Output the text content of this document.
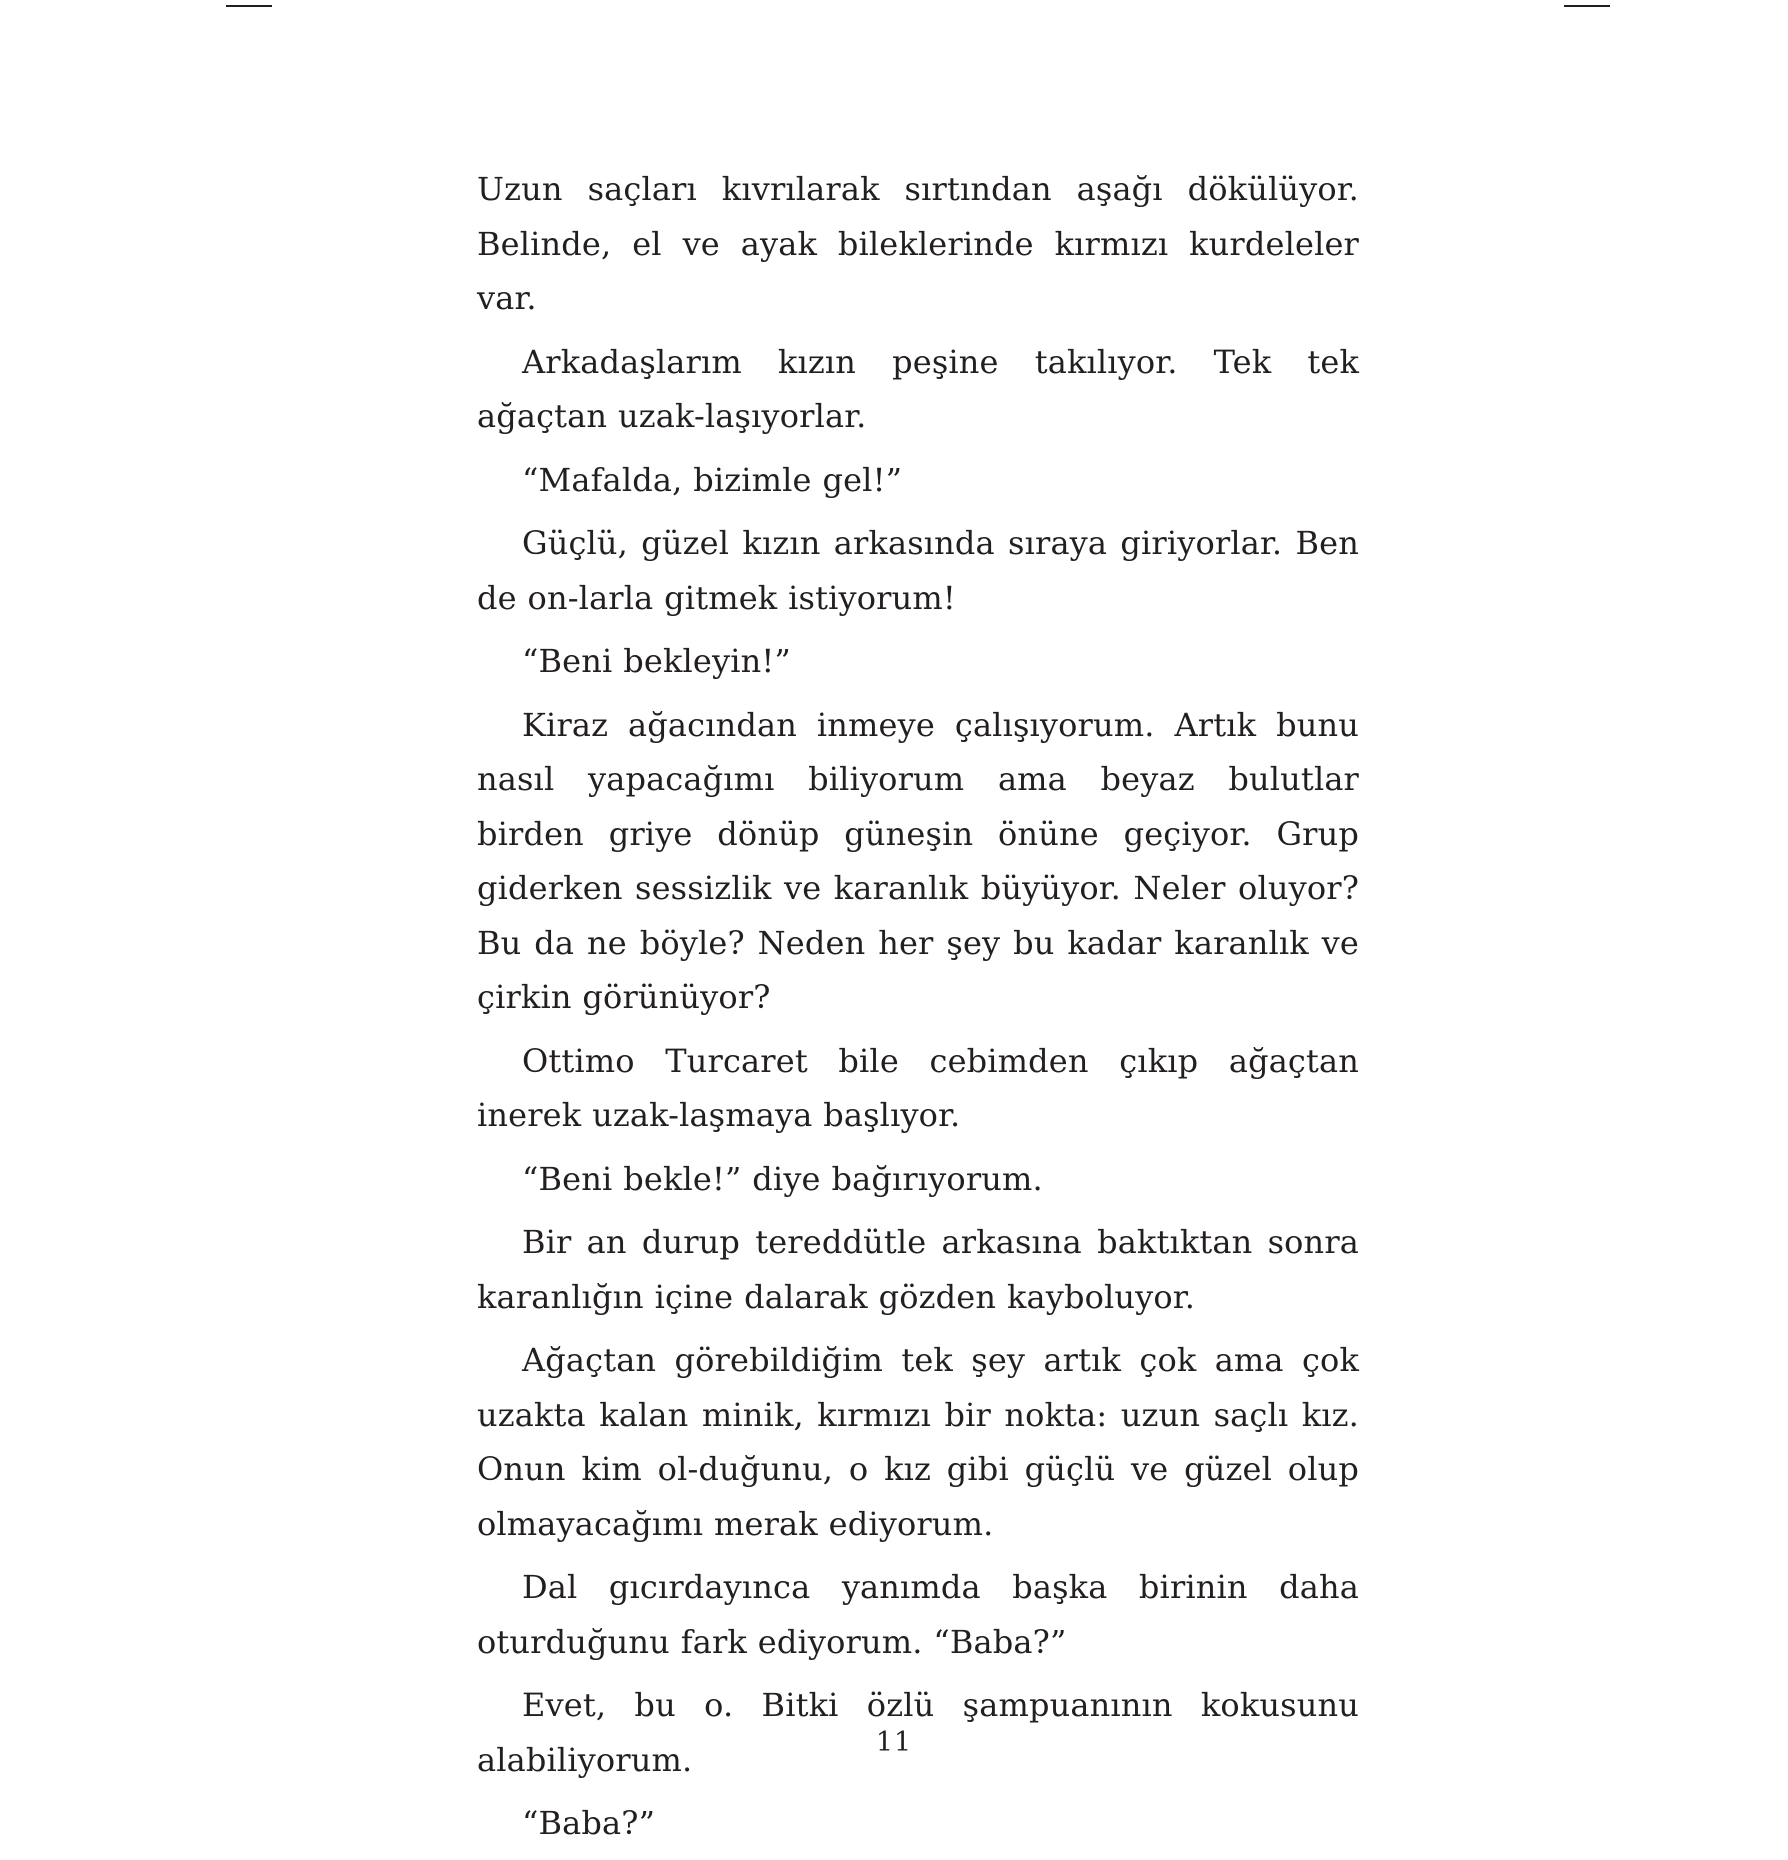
Uzun saçları kıvrılarak sırtından aşağı dökülüyor. Belinde, el ve ayak bileklerinde kırmızı kurdeleler var.

Arkadaşlarım kızın peşine takılıyor. Tek tek ağaçtan uzak-laşıyorlar.

“Mafalda, bizimle gel!”

Güçlü, güzel kızın arkasında sıraya giriyorlar. Ben de on-larla gitmek istiyorum!

“Beni bekleyin!”

Kiraz ağacından inmeye çalışıyorum. Artık bunu nasıl yapacağımı biliyorum ama beyaz bulutlar birden griye dönüp güneşin önüne geçiyor. Grup giderken sessizlik ve karanlık büyüyor. Neler oluyor? Bu da ne böyle? Neden her şey bu kadar karanlık ve çirkin görünüyor?

Ottimo Turcaret bile cebimden çıkıp ağaçtan inerek uzak-laşmaya başlıyor.

“Beni bekle!” diye bağırıyorum.

Bir an durup tereddütle arkasına baktıktan sonra karanlığın içine dalarak gözden kayboluyor.

Ağaçtan görebildiğim tek şey artık çok ama çok uzakta kalan minik, kırmızı bir nokta: uzun saçlı kız. Onun kim ol-duğunu, o kız gibi güçlü ve güzel olup olmayacağımı merak ediyorum.

Dal gıcırdayınca yanımda başka birinin daha oturduğunu fark ediyorum. “Baba?”

Evet, bu o. Bitki özlü şampuanının kokusunu alabiliyorum.

“Baba?”

11
